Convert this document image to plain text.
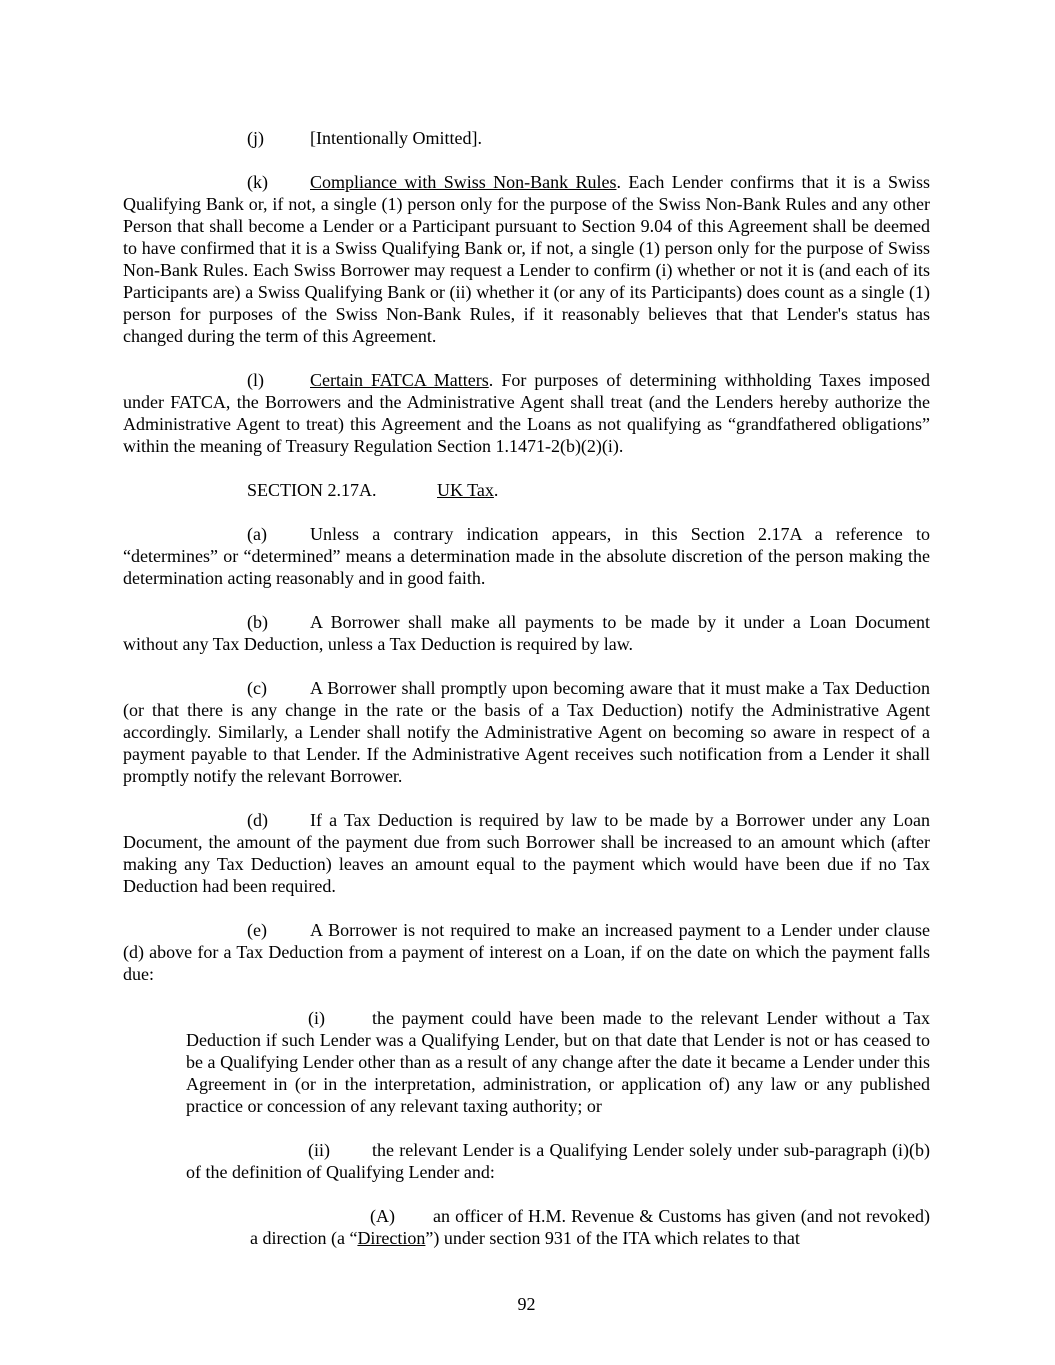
(j)	[Intentionally Omitted].

(k) Compliance with Swiss Non-Bank Rules. Each Lender confirms that it is a Swiss Qualifying Bank or, if not, a single (1) person only for the purpose of the Swiss Non-Bank Rules and any other Person that shall become a Lender or a Participant pursuant to Section 9.04 of this Agreement shall be deemed to have confirmed that it is a Swiss Qualifying Bank or, if not, a single (1) person only for the purpose of Swiss Non-Bank Rules. Each Swiss Borrower may request a Lender to confirm (i) whether or not it is (and each of its Participants are) a Swiss Qualifying Bank or (ii) whether it (or any of its Participants) does count as a single (1) person for purposes of the Swiss Non-Bank Rules, if it reasonably believes that that Lender's status has changed during the term of this Agreement.

(l)	Certain FATCA Matters. For purposes of determining withholding Taxes imposed under FATCA, the Borrowers and the Administrative Agent shall treat (and the Lenders hereby authorize the Administrative Agent to treat) this Agreement and the Loans as not qualifying as “grandfathered obligations” within the meaning of Treasury Regulation Section 1.1471-2(b)(2)(i).

SECTION 2.17A.	UK Tax.

(a) Unless a contrary indication appears, in this Section 2.17A a reference to “determines” or “determined” means a determination made in the absolute discretion of the person making the determination acting reasonably and in good faith.

(b) A Borrower shall make all payments to be made by it under a Loan Document without any Tax Deduction, unless a Tax Deduction is required by law.

(c) A Borrower shall promptly upon becoming aware that it must make a Tax Deduction (or that there is any change in the rate or the basis of a Tax Deduction) notify the Administrative Agent accordingly. Similarly, a Lender shall notify the Administrative Agent on becoming so aware in respect of a payment payable to that Lender. If the Administrative Agent receives such notification from a Lender it shall promptly notify the relevant Borrower.

(d) If a Tax Deduction is required by law to be made by a Borrower under any Loan Document, the amount of the payment due from such Borrower shall be increased to an amount which (after making any Tax Deduction) leaves an amount equal to the payment which would have been due if no Tax Deduction had been required.

(e) A Borrower is not required to make an increased payment to a Lender under clause (d) above for a Tax Deduction from a payment of interest on a Loan, if on the date on which the payment falls due:

(i)	the payment could have been made to the relevant Lender without a Tax Deduction if such Lender was a Qualifying Lender, but on that date that Lender is not or has ceased to be a Qualifying Lender other than as a result of any change after the date it became a Lender under this Agreement in (or in the interpretation, administration, or application of) any law or any published practice or concession of any relevant taxing authority; or

(ii) the relevant Lender is a Qualifying Lender solely under sub-paragraph (i)(b) of the definition of Qualifying Lender and:

(A) an officer of H.M. Revenue & Customs has given (and not revoked) a direction (a “Direction”) under section 931 of the ITA which relates to that

92
